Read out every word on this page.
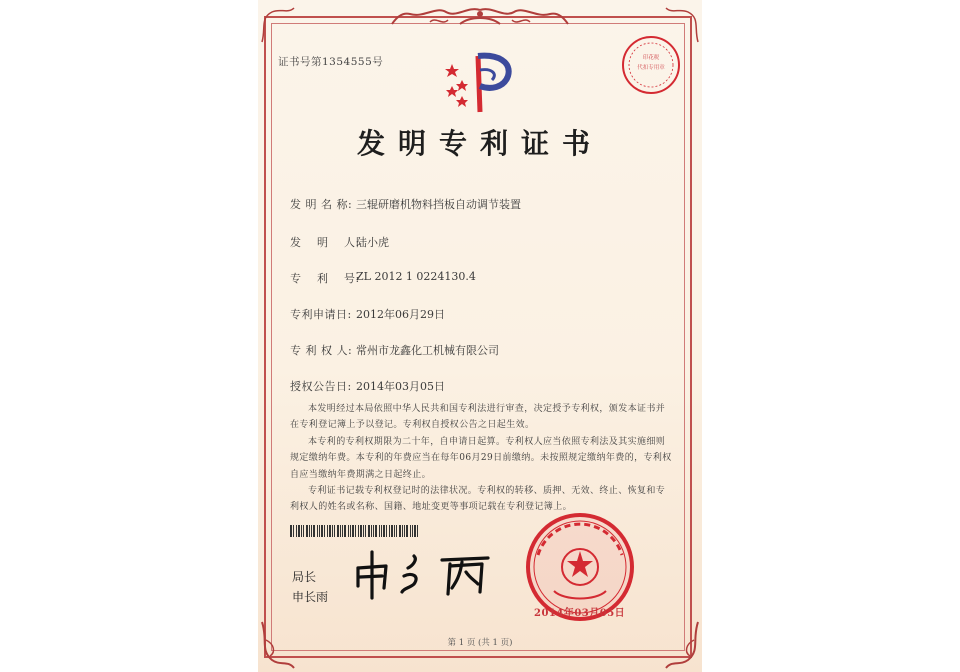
证书号第1354555号	印花税
代扣专用章
发明专利证书
发 明 名 称: 三辊研磨机物料挡板自动调节装置
发　 明　 人:
陆小虎
专　 利　 号:
ZL 2012 1 0224130.4
专利申请日: 2012年06月29日
专 利 权 人: 常州市龙鑫化工机械有限公司
授权公告日: 2014年03月05日

本发明经过本局依照中华人民共和国专利法进行审查，决定授予专利权，颁发本证书并在专利登记簿上予以登记。专利权自授权公告之日起生效。

本专利的专利权期限为二十年，自申请日起算。专利权人应当依照专利法及其实施细则规定缴纳年费。本专利的年费应当在每年06月29日前缴纳。未按照规定缴纳年费的，专利权自应当缴纳年费期满之日起终止。

专利证书记载专利权登记时的法律状况。专利权的转移、质押、无效、终止、恢复和专利权人的姓名或名称、国籍、地址变更等事项记载在专利登记簿上。

局长
申长雨
2014年03月05日
第 1 页 (共 1 页)
